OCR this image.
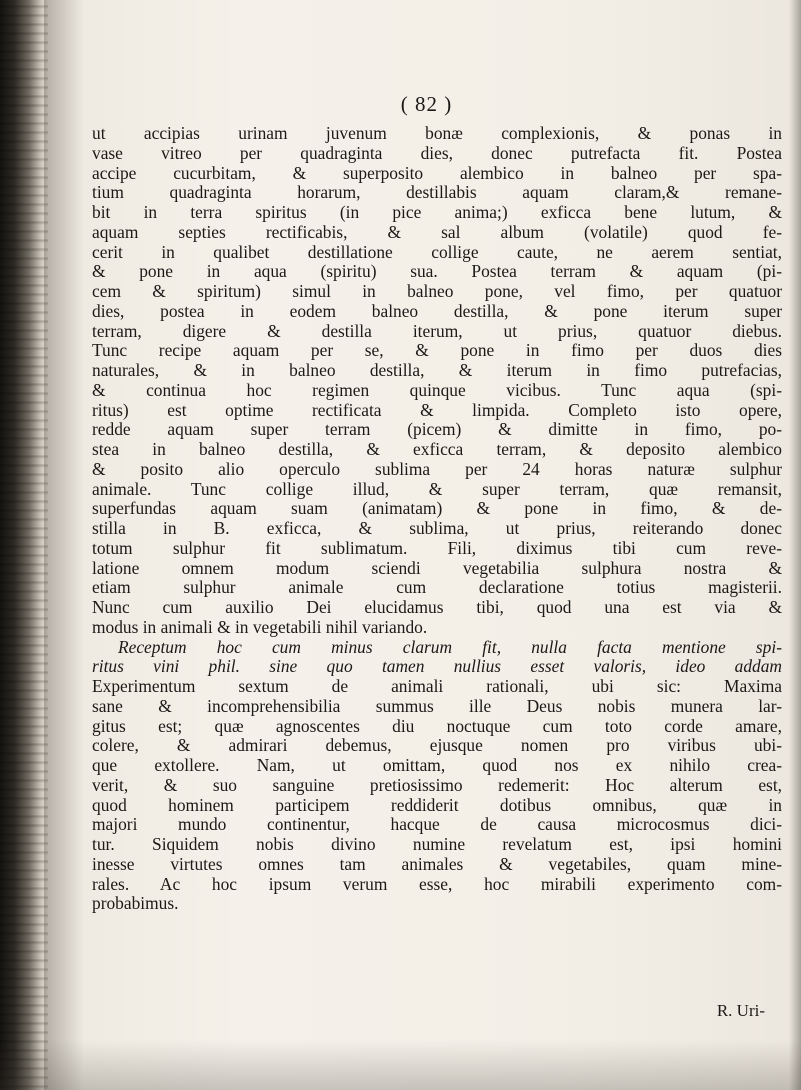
( 82 )
ut accipias urinam juvenum bonæ complexionis, & ponas in
vase vitreo per quadraginta dies, donec putrefacta fit. Postea
accipe cucurbitam, & superposito alembico in balneo per spa-
tium quadraginta horarum, destillabis aquam claram,& remane-
bit in terra spiritus (in pice anima;) exficca bene lutum, &
aquam septies rectificabis, & sal album (volatile) quod fe-
cerit in qualibet destillatione collige caute, ne aerem sentiat,
& pone in aqua (spiritu) sua. Postea terram & aquam (pi-
cem & spiritum) simul in balneo pone, vel fimo, per quatuor
dies, postea in eodem balneo destilla, & pone iterum super
terram, digere & destilla iterum, ut prius, quatuor diebus.
Tunc recipe aquam per se, & pone in fimo per duos dies
naturales, & in balneo destilla, & iterum in fimo putrefacias,
& continua hoc regimen quinque vicibus. Tunc aqua (spi-
ritus) est optime rectificata & limpida. Completo isto opere,
redde aquam super terram (picem) & dimitte in fimo, po-
stea in balneo destilla, & exficca terram, & deposito alembico
& posito alio operculo sublima per 24 horas naturæ sulphur
animale. Tunc collige illud, & super terram, quæ remansit,
superfundas aquam suam (animatam) & pone in fimo, & de-
stilla in B. exficca, & sublima, ut prius, reiterando donec
totum sulphur fit sublimatum. Fili, diximus tibi cum reve-
latione omnem modum sciendi vegetabilia sulphura nostra &
etiam sulphur animale cum declaratione totius magisterii.
Nunc cum auxilio Dei elucidamus tibi, quod una est via &
modus in animali & in vegetabili nihil variando.
Receptum hoc cum minus clarum fit, nulla facta mentione spi-
ritus vini phil. sine quo tamen nullius esset valoris, ideo addam
Experimentum sextum de animali rationali, ubi sic: Maxima
sane & incomprehensibilia summus ille Deus nobis munera lar-
gitus est; quæ agnoscentes diu noctuque cum toto corde amare,
colere, & admirari debemus, ejusque nomen pro viribus ubi-
que extollere. Nam, ut omittam, quod nos ex nihilo crea-
verit, & suo sanguine pretiosissimo redemerit: Hoc alterum est,
quod hominem participem reddiderit dotibus omnibus, quæ in
majori mundo continentur, hacque de causa microcosmus dici-
tur. Siquidem nobis divino numine revelatum est, ipsi homini
inesse virtutes omnes tam animales & vegetabiles, quam mine-
rales. Ac hoc ipsum verum esse, hoc mirabili experimento com-
probabimus.
R. Uri-
